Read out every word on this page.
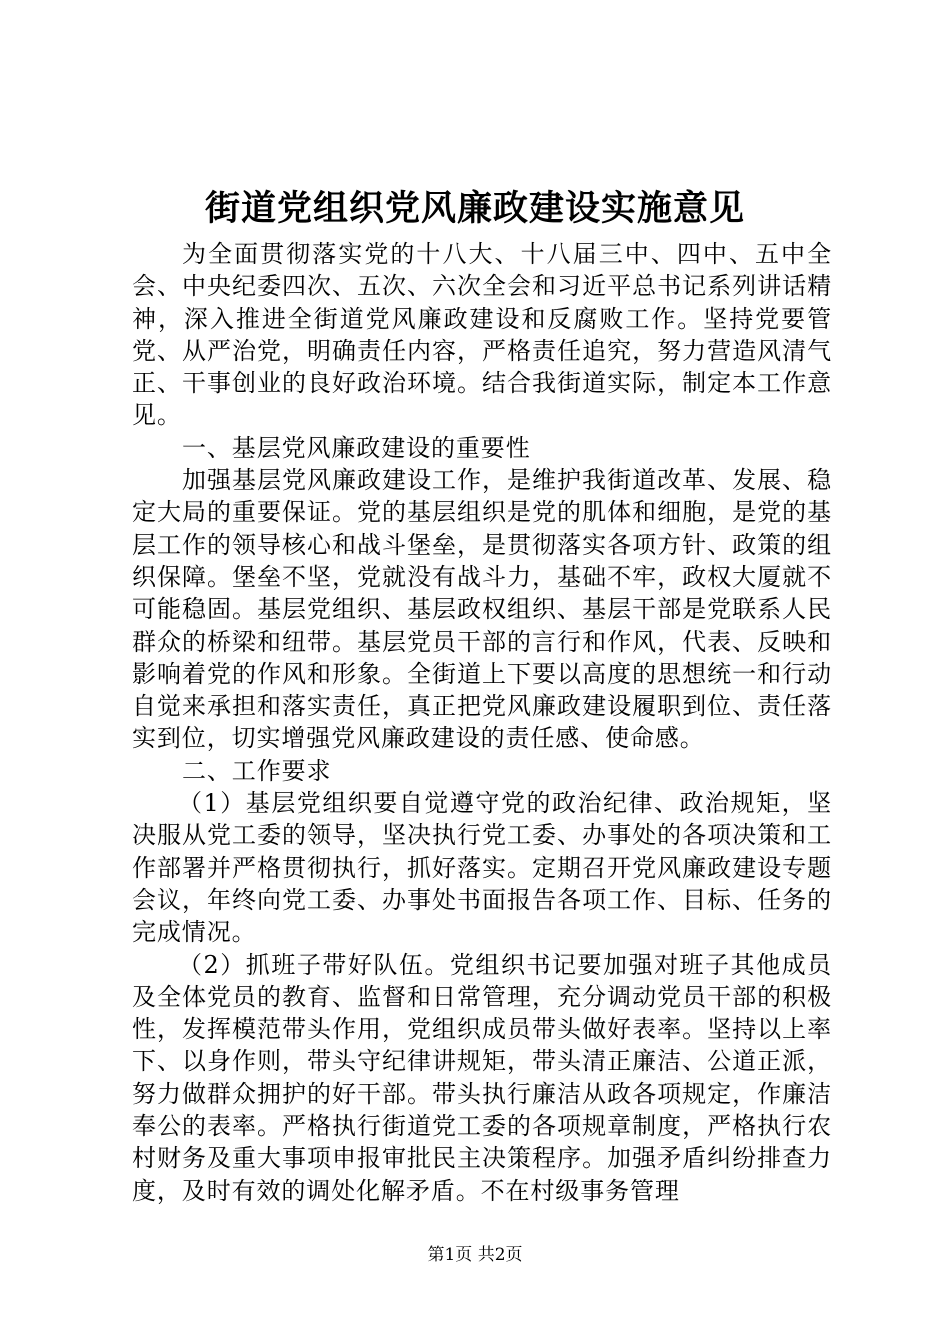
街道党组织党风廉政建设实施意见

为全面贯彻落实党的十八大、十八届三中、四中、五中全会、中央纪委四次、五次、六次全会和习近平总书记系列讲话精神，深入推进全街道党风廉政建设和反腐败工作。坚持党要管党、从严治党，明确责任内容，严格责任追究，努力营造风清气正、干事创业的良好政治环境。结合我街道实际，制定本工作意见。

一、基层党风廉政建设的重要性

加强基层党风廉政建设工作，是维护我街道改革、发展、稳定大局的重要保证。党的基层组织是党的肌体和细胞，是党的基层工作的领导核心和战斗堡垒，是贯彻落实各项方针、政策的组织保障。堡垒不坚，党就没有战斗力，基础不牢，政权大厦就不可能稳固。基层党组织、基层政权组织、基层干部是党联系人民群众的桥梁和纽带。基层党员干部的言行和作风，代表、反映和影响着党的作风和形象。全街道上下要以高度的思想统一和行动自觉来承担和落实责任，真正把党风廉政建设履职到位、责任落实到位，切实增强党风廉政建设的责任感、使命感。

二、工作要求

（1）基层党组织要自觉遵守党的政治纪律、政治规矩，坚决服从党工委的领导，坚决执行党工委、办事处的各项决策和工作部署并严格贯彻执行，抓好落实。定期召开党风廉政建设专题会议，年终向党工委、办事处书面报告各项工作、目标、任务的完成情况。

（2）抓班子带好队伍。党组织书记要加强对班子其他成员及全体党员的教育、监督和日常管理，充分调动党员干部的积极性，发挥模范带头作用，党组织成员带头做好表率。坚持以上率下、以身作则，带头守纪律讲规矩，带头清正廉洁、公道正派，努力做群众拥护的好干部。带头执行廉洁从政各项规定，作廉洁奉公的表率。严格执行街道党工委的各项规章制度，严格执行农村财务及重大事项申报审批民主决策程序。加强矛盾纠纷排查力度，及时有效的调处化解矛盾。不在村级事务管理

第1页 共2页
